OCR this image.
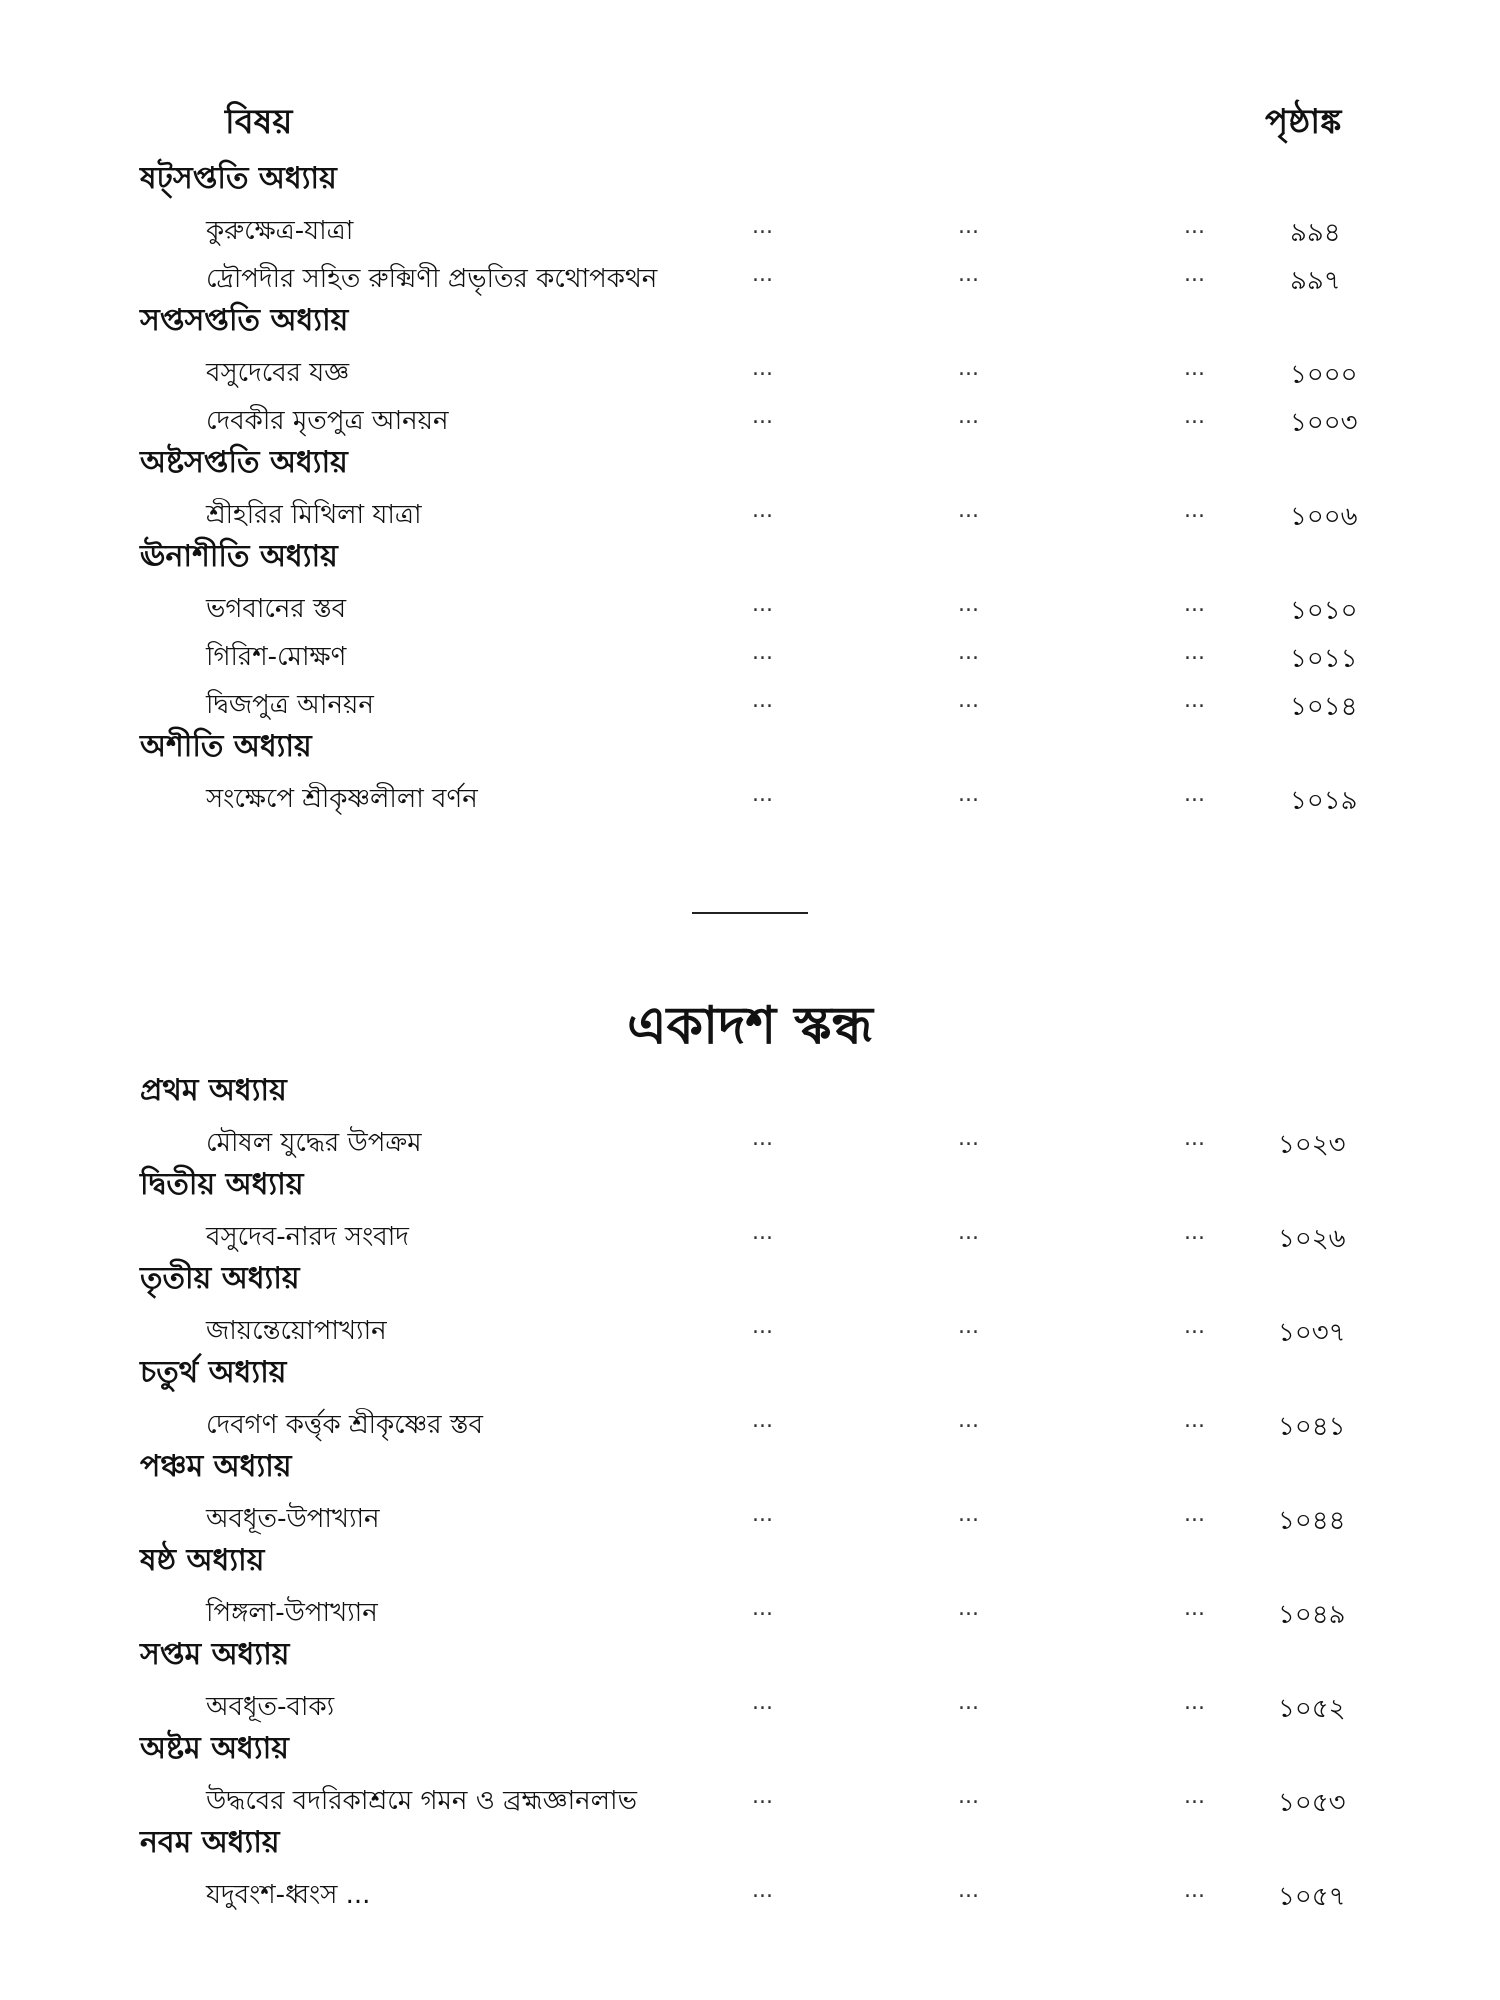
বিষয়	পৃষ্ঠাঙ্ক
ষট্‌সপ্ততি অধ্যায়
কুরুক্ষেত্র-যাত্রা	...	...	...	৯৯৪
দ্রৌপদীর সহিত রুক্মিণী প্রভৃতির কথোপকথন	...	...	...	৯৯৭
সপ্তসপ্ততি অধ্যায়
বসুদেবের যজ্ঞ	...	...	...	১০০০
দেবকীর মৃতপুত্র আনয়ন	...	...	...	১০০৩
অষ্টসপ্ততি অধ্যায়
শ্রীহরির মিথিলা যাত্রা	...	...	...	১০০৬
ঊনাশীতি অধ্যায়
ভগবানের স্তব	...	...	...	১০১০
গিরিশ-মোক্ষণ	...	...	...	১০১১
দ্বিজপুত্র আনয়ন	...	...	...	১০১৪
অশীতি অধ্যায়
সংক্ষেপে শ্রীকৃষ্ণলীলা বর্ণন	...	...	...	১০১৯
একাদশ স্কন্ধ
প্রথম অধ্যায়
মৌষল যুদ্ধের উপক্রম	...	...	...	১০২৩
দ্বিতীয় অধ্যায়
বসুদেব-নারদ সংবাদ	...	...	...	১০২৬
তৃতীয় অধ্যায়
জায়ন্তেয়োপাখ্যান	...	...	...	১০৩৭
চতুর্থ অধ্যায়
দেবগণ কর্ত্তৃক শ্রীকৃষ্ণের স্তব	...	...	...	১০৪১
পঞ্চম অধ্যায়
অবধূত-উপাখ্যান	...	...	...	১০৪৪
ষষ্ঠ অধ্যায়
পিঙ্গলা-উপাখ্যান	...	...	...	১০৪৯
সপ্তম অধ্যায়
অবধূত-বাক্য	...	...	...	১০৫২
অষ্টম অধ্যায়
উদ্ধবের বদরিকাশ্রমে গমন ও ব্রহ্মজ্ঞানলাভ	...	...	...	১০৫৩
নবম অধ্যায়
যদুবংশ-ধ্বংস ...	...	...	...	১০৫৭
